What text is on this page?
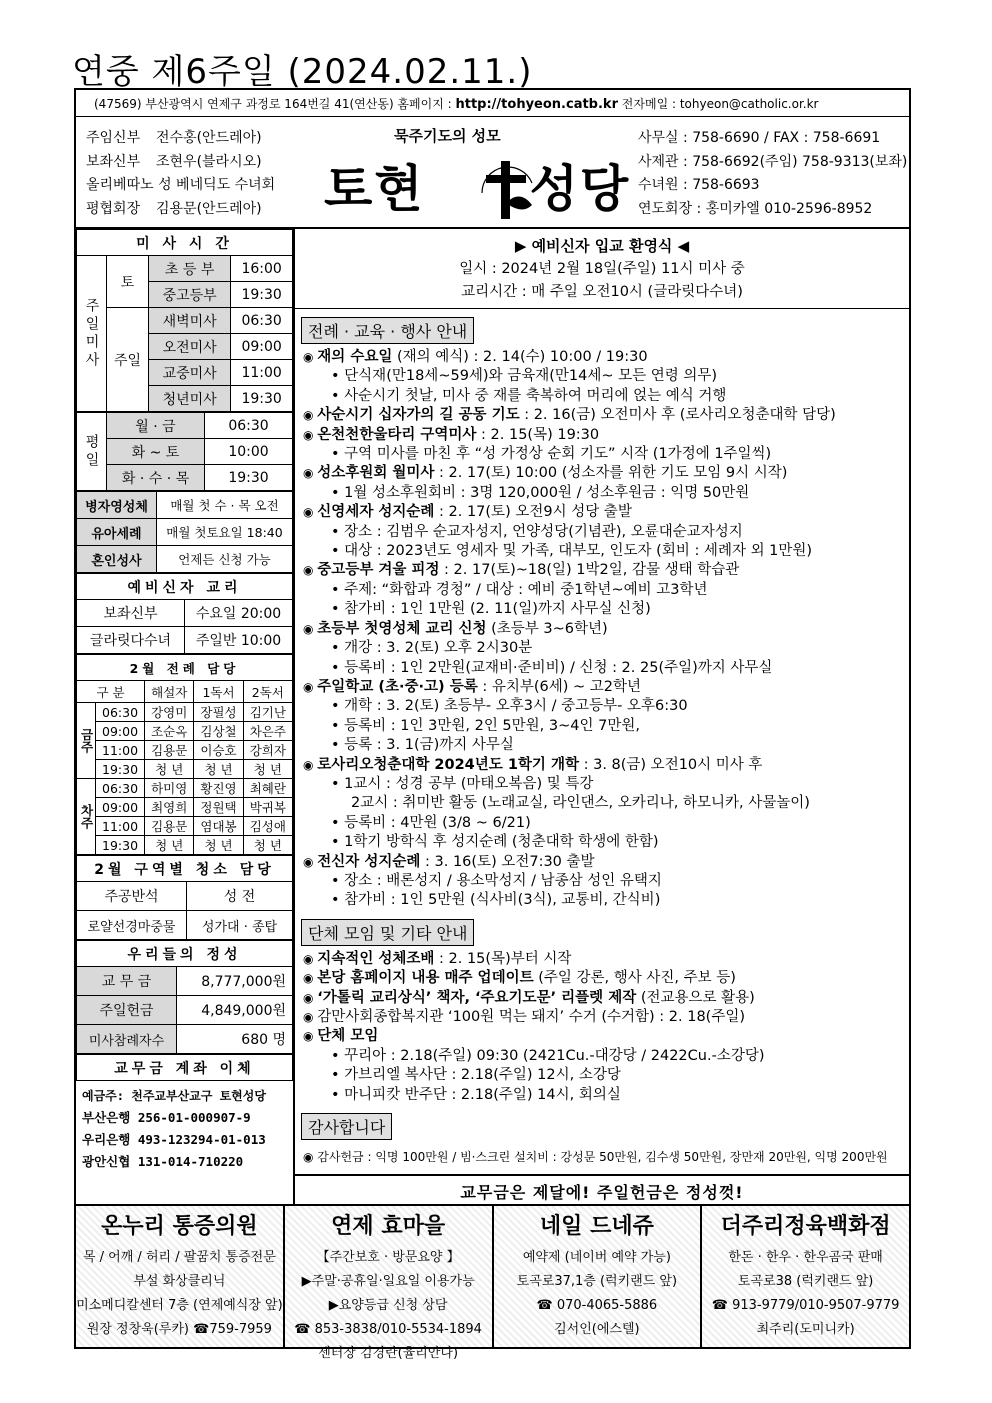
연중 제6주일 (2024.02.11.)
(47569) 부산광역시 연제구 과정로 164번길 41(연산동) 홈페이지 : http://tohyeon.catb.kr 전자메일 : tohyeon@catholic.or.kr
주임신부 전수홍(안드레아)
보좌신부 조현우(블라시오)
올리베따노 성 베네딕도 수녀회
평협회장 김용문(안드레아)
묵주기도의 성모
토현 성당
사무실 : 758-6690 / FAX : 758-6691
사제관 : 758-6692(주임) 758-9313(보좌)
수녀원 : 758-6693
연도회장 : 홍미카엘 010-2596-8952
미 사 시 간			
주일미사	토	초 등 부	16:00
		중고등부	19:30
	주일	새벽미사	06:30
		오전미사	09:00
		교중미사	11:00
		청년미사	19:30
평일	월 · 금	06:30
	화 ~ 토	10:00
	화 · 수 · 목	19:30
병자영성체	매월 첫 수 · 목 오전
유아세례	매월 첫토요일 18:40
혼인성사	언제든 신청 가능
예비신자 교리	
보좌신부	수요일 20:00
글라릿다수녀	주일반 10:00
2월 전례 담당				
구 분		해설자	1독서	2독서
금주	06:30	강영미	장필성	김기난
	09:00	조순옥	김상철	차은주
	11:00	김용문	이승호	강희자
	19:30	청 년	청 년	청 년
차주	06:30	하미영	황진영	최혜란
	09:00	최영희	정원택	박귀복
	11:00	김용문	염대봉	김성애
	19:30	청 년	청 년	청 년
2월 구역별 청소 담당	
주공반석	성 전
로얄선경마중물	성가대 · 종탑
우리들의 정성	
교 무 금	8,777,000원
주일헌금	4,849,000원
미사참례자수	680 명
교무금 계좌 이체
예금주: 천주교부산교구 토현성당
부산은행 256-01-000907-9
우리은행 493-123294-01-013
광안신협 131-014-710220
▶ 예비신자 입교 환영식 ◀
일시 : 2024년 2월 18일(주일) 11시 미사 중
교리시간 : 매 주일 오전10시 (글라릿다수녀)
전례 · 교육 · 행사 안내
◉ 재의 수요일 (재의 예식) : 2. 14(수) 10:00 / 19:30
• 단식재(만18세~59세)와 금육재(만14세~ 모든 연령 의무)
• 사순시기 첫날, 미사 중 재를 축복하여 머리에 얹는 예식 거행
◉ 사순시기 십자가의 길 공동 기도 : 2. 16(금) 오전미사 후 (로사리오청춘대학 담당)
◉ 온천천한울타리 구역미사 : 2. 15(목) 19:30
• 구역 미사를 마친 후 “성 가정상 순회 기도” 시작 (1가정에 1주일씩)
◉ 성소후원회 월미사 : 2. 17(토) 10:00 (성소자를 위한 기도 모임 9시 시작)
• 1월 성소후원회비 : 3명 120,000원 / 성소후원금 : 익명 50만원
◉ 신영세자 성지순례 : 2. 17(토) 오전9시 성당 출발
• 장소 : 김범우 순교자성지, 언양성당(기념관), 오륜대순교자성지
• 대상 : 2023년도 영세자 및 가족, 대부모, 인도자 (회비 : 세례자 외 1만원)
◉ 중고등부 겨울 피정 : 2. 17(토)~18(일) 1박2일, 감물 생태 학습관
• 주제: “화합과 경청” / 대상 : 예비 중1학년~예비 고3학년
• 참가비 : 1인 1만원 (2. 11(일)까지 사무실 신청)
◉ 초등부 첫영성체 교리 신청 (초등부 3~6학년)
• 개강 : 3. 2(토) 오후 2시30분
• 등록비 : 1인 2만원(교재비·준비비) / 신청 : 2. 25(주일)까지 사무실
◉ 주일학교 (초·중·고) 등록 : 유치부(6세) ~ 고2학년
• 개학 : 3. 2(토) 초등부- 오후3시 / 중고등부- 오후6:30
• 등록비 : 1인 3만원, 2인 5만원, 3~4인 7만원,
• 등록 : 3. 1(금)까지 사무실
◉ 로사리오청춘대학 2024년도 1학기 개학 : 3. 8(금) 오전10시 미사 후
• 1교시 : 성경 공부 (마태오복음) 및 특강
2교시 : 취미반 활동 (노래교실, 라인댄스, 오카리나, 하모니카, 사물놀이)
• 등록비 : 4만원 (3/8 ~ 6/21)
• 1학기 방학식 후 성지순례 (청춘대학 학생에 한함)
◉ 전신자 성지순례 : 3. 16(토) 오전7:30 출발
• 장소 : 배론성지 / 용소막성지 / 남종삼 성인 유택지
• 참가비 : 1인 5만원 (식사비(3식), 교통비, 간식비)
단체 모임 및 기타 안내
◉ 지속적인 성체조배 : 2. 15(목)부터 시작
◉ 본당 홈페이지 내용 매주 업데이트 (주일 강론, 행사 사진, 주보 등)
◉ ‘가톨릭 교리상식’ 책자, ‘주요기도문’ 리플렛 제작 (전교용으로 활용)
◉ 감만사회종합복지관 ‘100원 먹는 돼지’ 수거 (수거함) : 2. 18(주일)
◉ 단체 모임
• 꾸리아 : 2.18(주일) 09:30 (2421Cu.-대강당 / 2422Cu.-소강당)
• 가브리엘 복사단 : 2.18(주일) 12시, 소강당
• 마니피캇 반주단 : 2.18(주일) 14시, 회의실
감사합니다
◉ 감사헌금 : 익명 100만원 / 빔·스크린 설치비 : 강성문 50만원, 김수생 50만원, 장만재 20만원, 익명 200만원
교무금은 제달에! 주일헌금은 정성껏!
온누리 통증의원
목 / 어깨 / 허리 / 팔꿈치 통증전문
부설 화상클리닉
미소메디칼센터 7층 (연제예식장 앞)
원장 정창욱(루카) ☎759-7959
연제 효마을
【주간보호 · 방문요양 】
▶주말·공휴일·일요일 이용가능
▶요양등급 신청 상담
☎ 853-3838/010-5534-1894
센터장 김경란(율리안나)
네일 드네쥬
예약제 (네이버 예약 가능)
토곡로37,1층 (럭키랜드 앞)
☎ 070-4065-5886
김서인(에스텔)
더주리정육백화점
한돈 · 한우 · 한우곰국 판매
토곡로38 (럭키랜드 앞)
☎ 913-9779/010-9507-9779
최주리(도미니카)
